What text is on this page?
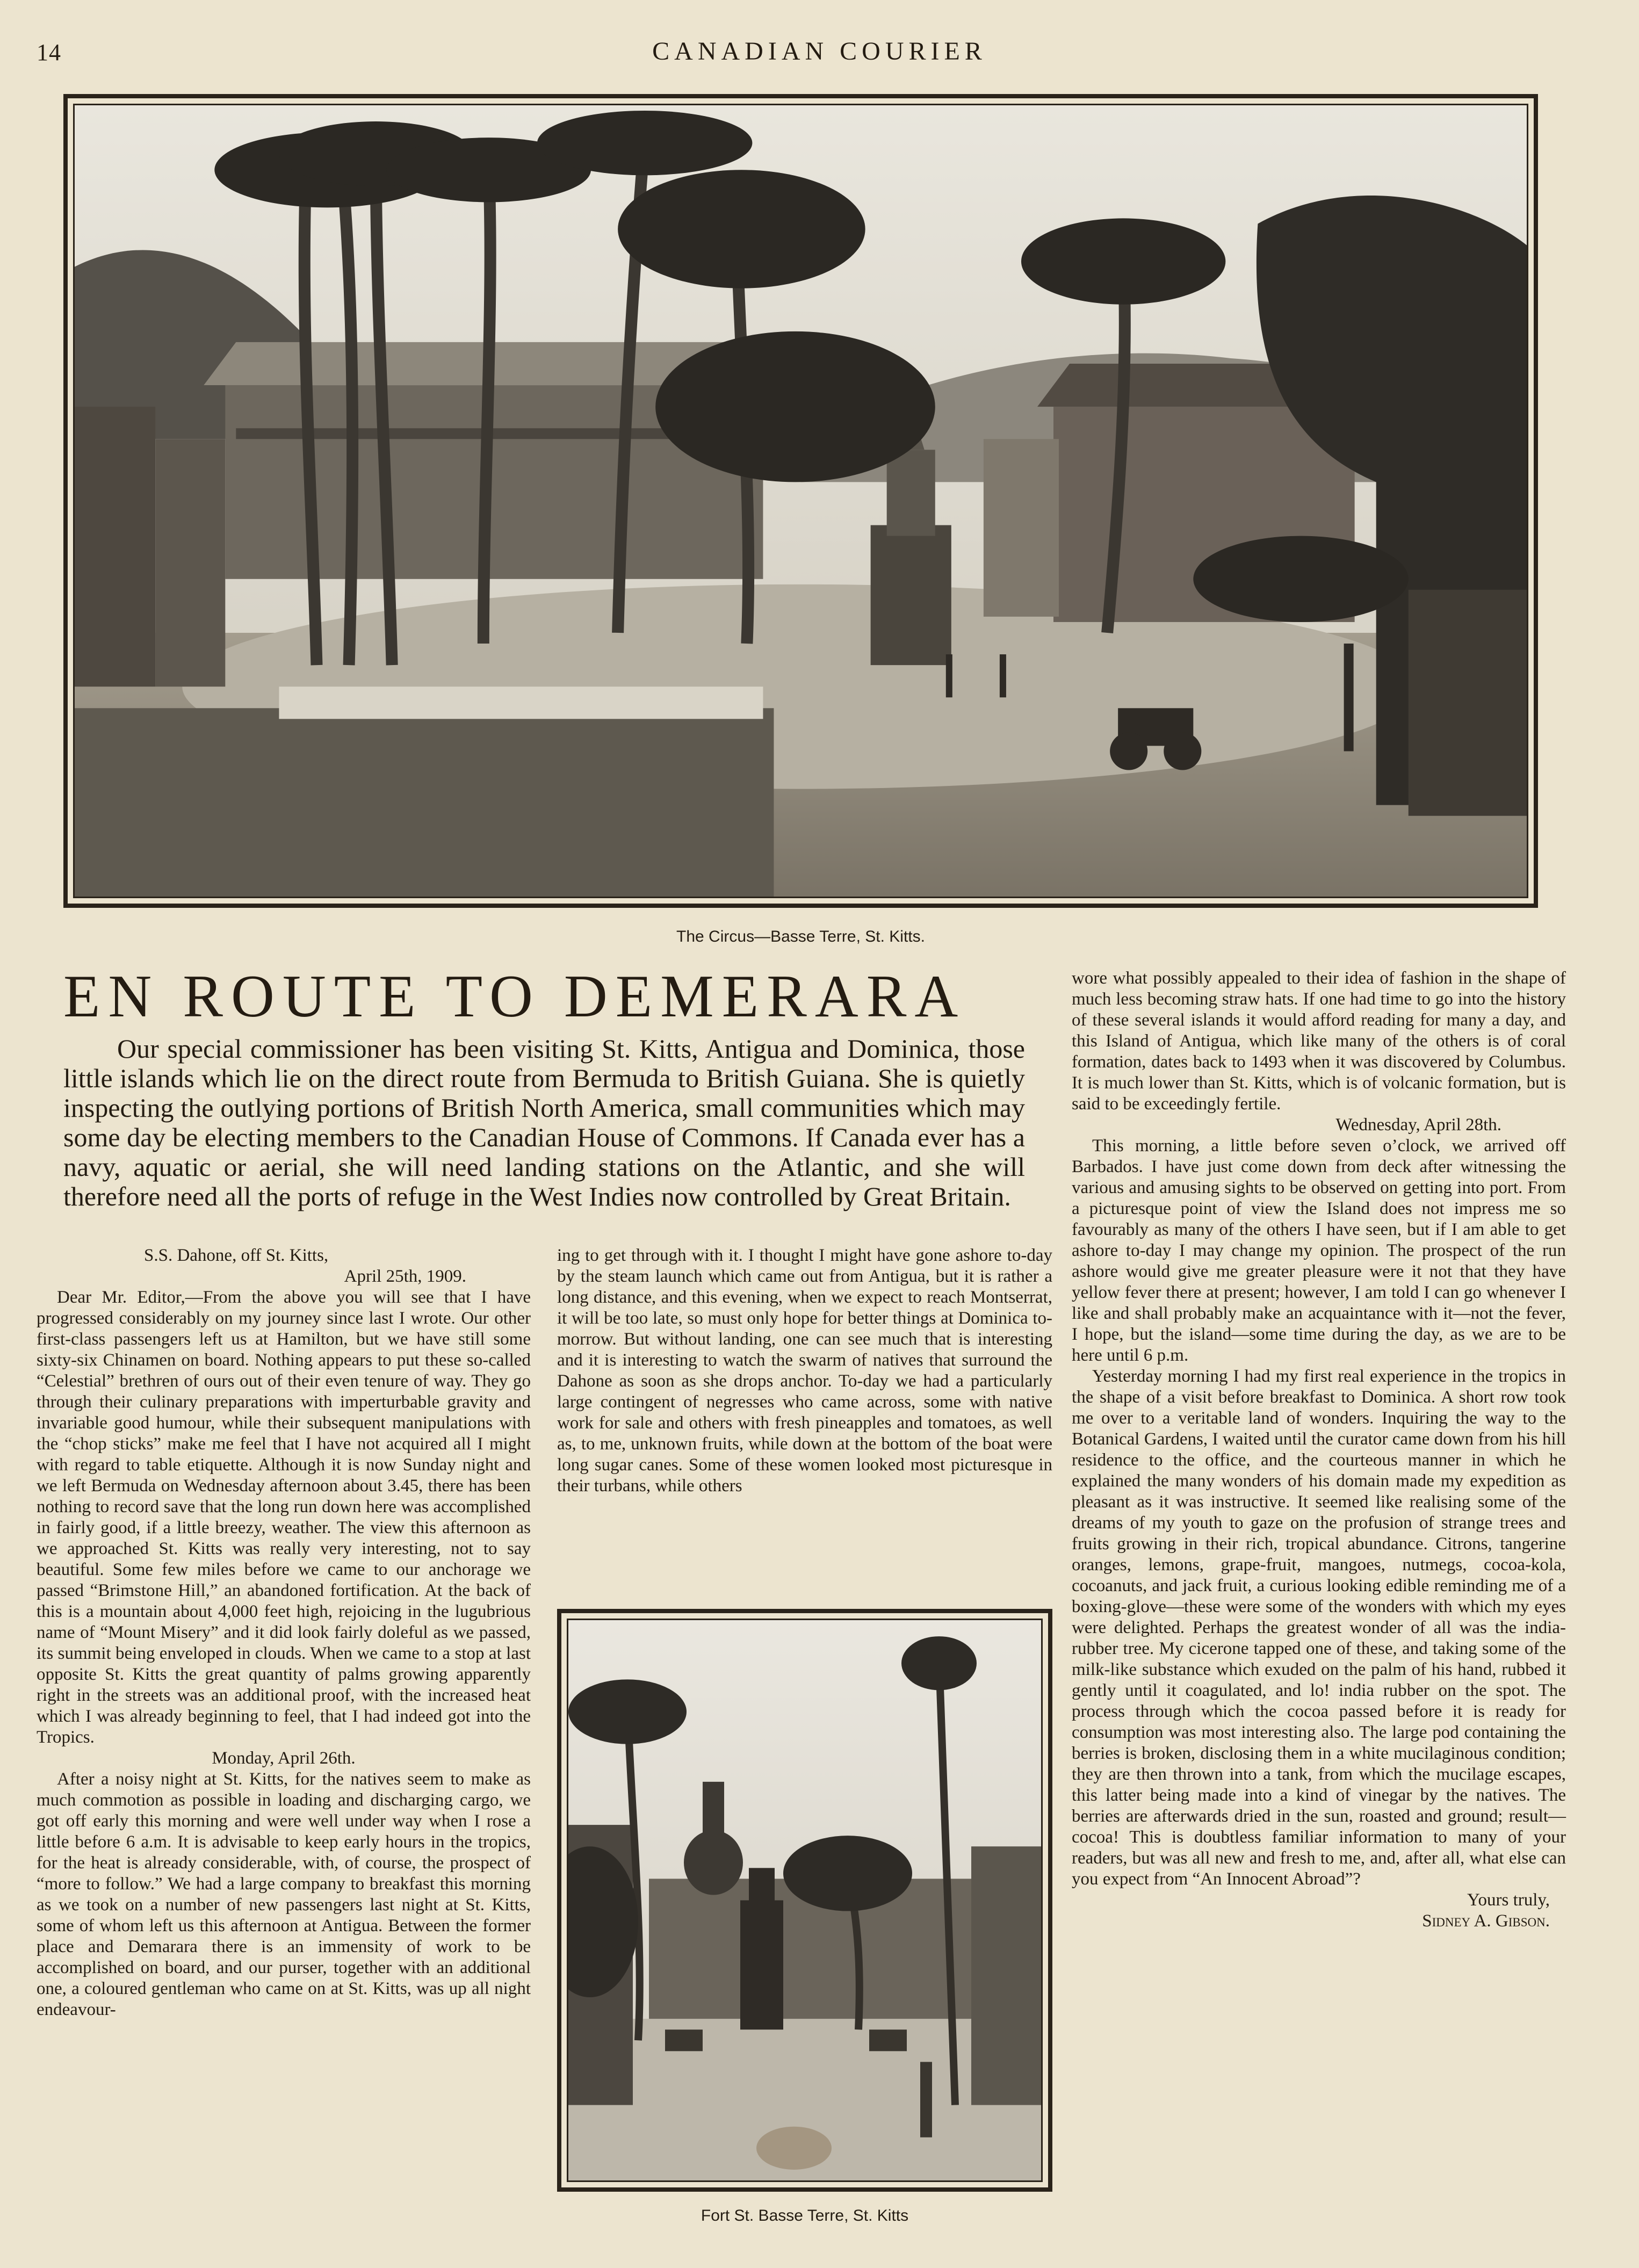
14	CANADIAN COURIER
The Circus—Basse Terre, St. Kitts.
EN ROUTE TO DEMERARA

Our special commissioner has been visiting St. Kitts, Antigua and Dominica, those little islands which lie on the direct route from Bermuda to British Guiana. She is quietly inspecting the outlying portions of British North America, small communities which may some day be electing members to the Canadian House of Commons. If Canada ever has a navy, aquatic or aerial, she will need landing stations on the Atlantic, and she will therefore need all the ports of refuge in the West Indies now controlled by Great Britain.

S.S. Dahone, off St. Kitts,

April 25th, 1909.

Dear Mr. Editor,—From the above you will see that I have progressed considerably on my journey since last I wrote. Our other first-class passengers left us at Hamilton, but we have still some sixty-six Chinamen on board. Nothing appears to put these so-called “Celestial” brethren of ours out of their even tenure of way. They go through their culinary preparations with imperturbable gravity and invariable good humour, while their subsequent manipulations with the “chop sticks” make me feel that I have not acquired all I might with regard to table etiquette. Although it is now Sunday night and we left Bermuda on Wednesday afternoon about 3.45, there has been nothing to record save that the long run down here was accomplished in fairly good, if a little breezy, weather. The view this afternoon as we approached St. Kitts was really very interesting, not to say beautiful. Some few miles before we came to our anchorage we passed “Brimstone Hill,” an abandoned fortification. At the back of this is a mountain about 4,000 feet high, rejoicing in the lugubrious name of “Mount Misery” and it did look fairly doleful as we passed, its summit being enveloped in clouds. When we came to a stop at last opposite St. Kitts the great quantity of palms growing apparently right in the streets was an additional proof, with the increased heat which I was already beginning to feel, that I had indeed got into the Tropics.

Monday, April 26th.

After a noisy night at St. Kitts, for the natives seem to make as much commotion as possible in loading and discharging cargo, we got off early this morning and were well under way when I rose a little before 6 a.m. It is advisable to keep early hours in the tropics, for the heat is already considerable, with, of course, the prospect of “more to follow.” We had a large company to breakfast this morning as we took on a number of new passengers last night at St. Kitts, some of whom left us this afternoon at Antigua. Between the former place and Demarara there is an immensity of work to be accomplished on board, and our purser, together with an additional one, a coloured gentleman who came on at St. Kitts, was up all night endeavour-

ing to get through with it. I thought I might have gone ashore to-day by the steam launch which came out from Antigua, but it is rather a long distance, and this evening, when we expect to reach Montserrat, it will be too late, so must only hope for better things at Dominica to-morrow. But without landing, one can see much that is interesting and it is interesting to watch the swarm of natives that surround the Dahone as soon as she drops anchor. To-day we had a particularly large contingent of negresses who came across, some with native work for sale and others with fresh pineapples and tomatoes, as well as, to me, unknown fruits, while down at the bottom of the boat were long sugar canes. Some of these women looked most picturesque in their turbans, while others

Fort St. Basse Terre, St. Kitts

wore what possibly appealed to their idea of fashion in the shape of much less becoming straw hats. If one had time to go into the history of these several islands it would afford reading for many a day, and this Island of Antigua, which like many of the others is of coral formation, dates back to 1493 when it was discovered by Columbus. It is much lower than St. Kitts, which is of volcanic formation, but is said to be exceedingly fertile.

Wednesday, April 28th.

This morning, a little before seven o’clock, we arrived off Barbados. I have just come down from deck after witnessing the various and amusing sights to be observed on getting into port. From a picturesque point of view the Island does not impress me so favourably as many of the others I have seen, but if I am able to get ashore to-day I may change my opinion. The prospect of the run ashore would give me greater pleasure were it not that they have yellow fever there at present; however, I am told I can go whenever I like and shall probably make an acquaintance with it—not the fever, I hope, but the island—some time during the day, as we are to be here until 6 p.m.

Yesterday morning I had my first real experience in the tropics in the shape of a visit before breakfast to Dominica. A short row took me over to a veritable land of wonders. Inquiring the way to the Botanical Gardens, I waited until the curator came down from his hill residence to the office, and the courteous manner in which he explained the many wonders of his domain made my expedition as pleasant as it was instructive. It seemed like realising some of the dreams of my youth to gaze on the profusion of strange trees and fruits growing in their rich, tropical abundance. Citrons, tangerine oranges, lemons, grape-fruit, mangoes, nutmegs, cocoa-kola, cocoanuts, and jack fruit, a curious looking edible reminding me of a boxing-glove—these were some of the wonders with which my eyes were delighted. Perhaps the greatest wonder of all was the india-rubber tree. My cicerone tapped one of these, and taking some of the milk-like substance which exuded on the palm of his hand, rubbed it gently until it coagulated, and lo! india rubber on the spot. The process through which the cocoa passed before it is ready for consumption was most interesting also. The large pod containing the berries is broken, disclosing them in a white mucilaginous condition; they are then thrown into a tank, from which the mucilage escapes, this latter being made into a kind of vinegar by the natives. The berries are afterwards dried in the sun, roasted and ground; result—cocoa! This is doubtless familiar information to many of your readers, but was all new and fresh to me, and, after all, what else can you expect from “An Innocent Abroad”?

Yours truly,

Sidney A. Gibson.
